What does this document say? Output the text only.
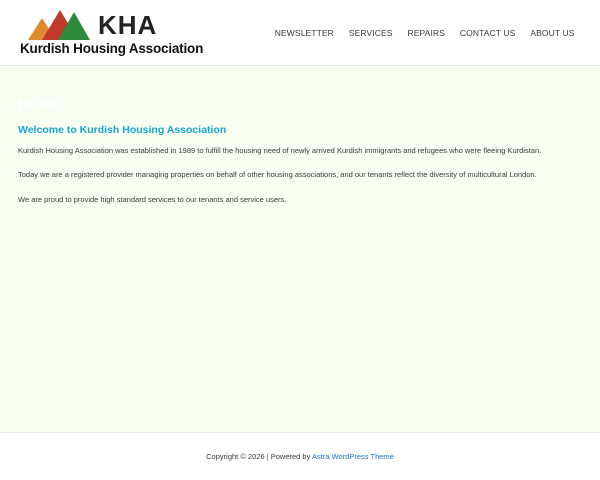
KHA
Kurdish Housing Association
NEWSLETTER	SERVICES	REPAIRS	CONTACT US	ABOUT US
HOME
Welcome to Kurdish Housing Association

Kurdish Housing Association was established in 1989 to fulfill the housing need of newly arrived Kurdish immigrants and refugees who were fleeing Kurdistan.

Today we are a registered provider managing properties on behalf of other housing associations, and our tenants reflect the diversity of multicultural London.

We are proud to provide high standard services to our tenants and service users.

Copyright © 2026 | Powered by Astra WordPress Theme
